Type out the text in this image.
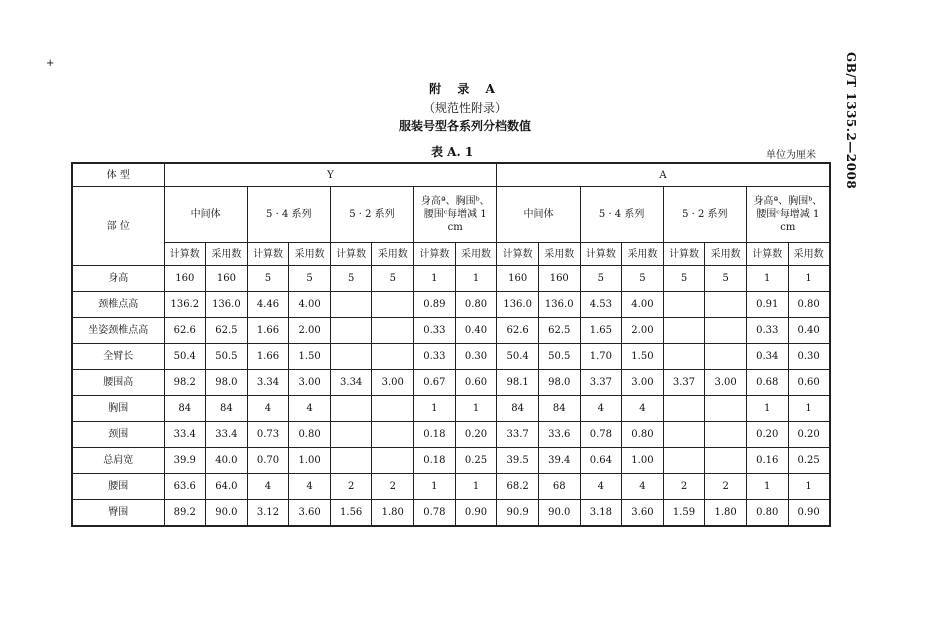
+	GB/T 1335.2—2008
附 录 A
（规范性附录）
服装号型各系列分档数值
表 A. 1	单位为厘米
体 型	Y								A							
部 位	中间体		5 · 4 系列		5 · 2 系列		身高ª、胸围ᵇ、腰围ᶜ每增减 1 cm		中间体		5 · 4 系列		5 · 2 系列		身高ª、胸围ᵇ、腰围ᶜ每增减 1 cm	
	计算数	采用数	计算数	采用数	计算数	采用数	计算数	采用数	计算数	采用数	计算数	采用数	计算数	采用数	计算数	采用数
身高	160	160	5	5	5	5	1	1	160	160	5	5	5	5	1	1
颈椎点高	136.2	136.0	4.46	4.00			0.89	0.80	136.0	136.0	4.53	4.00			0.91	0.80
坐姿颈椎点高	62.6	62.5	1.66	2.00			0.33	0.40	62.6	62.5	1.65	2.00			0.33	0.40
全臂长	50.4	50.5	1.66	1.50			0.33	0.30	50.4	50.5	1.70	1.50			0.34	0.30
腰围高	98.2	98.0	3.34	3.00	3.34	3.00	0.67	0.60	98.1	98.0	3.37	3.00	3.37	3.00	0.68	0.60
胸围	84	84	4	4			1	1	84	84	4	4			1	1
颈围	33.4	33.4	0.73	0.80			0.18	0.20	33.7	33.6	0.78	0.80			0.20	0.20
总肩宽	39.9	40.0	0.70	1.00			0.18	0.25	39.5	39.4	0.64	1.00			0.16	0.25
腰围	63.6	64.0	4	4	2	2	1	1	68.2	68	4	4	2	2	1	1
臀围	89.2	90.0	3.12	3.60	1.56	1.80	0.78	0.90	90.9	90.0	3.18	3.60	1.59	1.80	0.80	0.90
